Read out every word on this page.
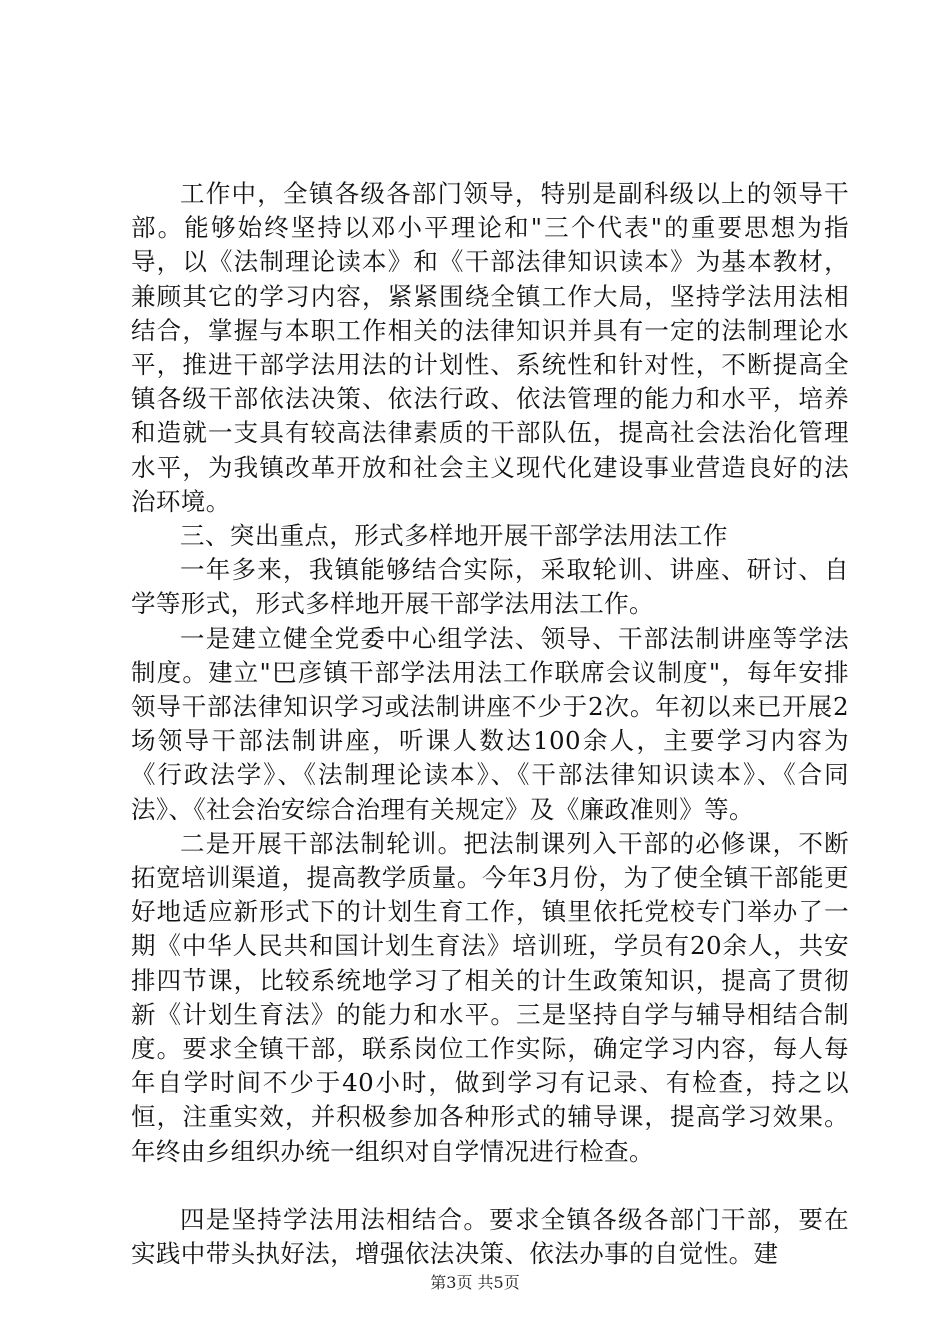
工作中，全镇各级各部门领导，特别是副科级以上的领导干部。能够始终坚持以邓小平理论和"三个代表"的重要思想为指导，以《法制理论读本》和《干部法律知识读本》为基本教材，兼顾其它的学习内容，紧紧围绕全镇工作大局，坚持学法用法相结合，掌握与本职工作相关的法律知识并具有一定的法制理论水平，推进干部学法用法的计划性、系统性和针对性，不断提高全镇各级干部依法决策、依法行政、依法管理的能力和水平，培养和造就一支具有较高法律素质的干部队伍，提高社会法治化管理水平，为我镇改革开放和社会主义现代化建设事业营造良好的法治环境。

三、突出重点，形式多样地开展干部学法用法工作

一年多来，我镇能够结合实际，采取轮训、讲座、研讨、自学等形式，形式多样地开展干部学法用法工作。

一是建立健全党委中心组学法、领导、干部法制讲座等学法制度。建立"巴彦镇干部学法用法工作联席会议制度"，每年安排领导干部法律知识学习或法制讲座不少于2次。年初以来已开展2场领导干部法制讲座，听课人数达100余人，主要学习内容为《行政法学》、《法制理论读本》、《干部法律知识读本》、《合同法》、《社会治安综合治理有关规定》及《廉政准则》等。

二是开展干部法制轮训。把法制课列入干部的必修课，不断拓宽培训渠道，提高教学质量。今年3月份，为了使全镇干部能更好地适应新形式下的计划生育工作，镇里依托党校专门举办了一期《中华人民共和国计划生育法》培训班，学员有20余人，共安排四节课，比较系统地学习了相关的计生政策知识，提高了贯彻新《计划生育法》的能力和水平。三是坚持自学与辅导相结合制度。要求全镇干部，联系岗位工作实际，确定学习内容，每人每年自学时间不少于40小时，做到学习有记录、有检查，持之以恒，注重实效，并积极参加各种形式的辅导课，提高学习效果。年终由乡组织办统一组织对自学情况进行检查。

四是坚持学法用法相结合。要求全镇各级各部门干部，要在实践中带头执好法，增强依法决策、依法办事的自觉性。建

第3页 共5页
